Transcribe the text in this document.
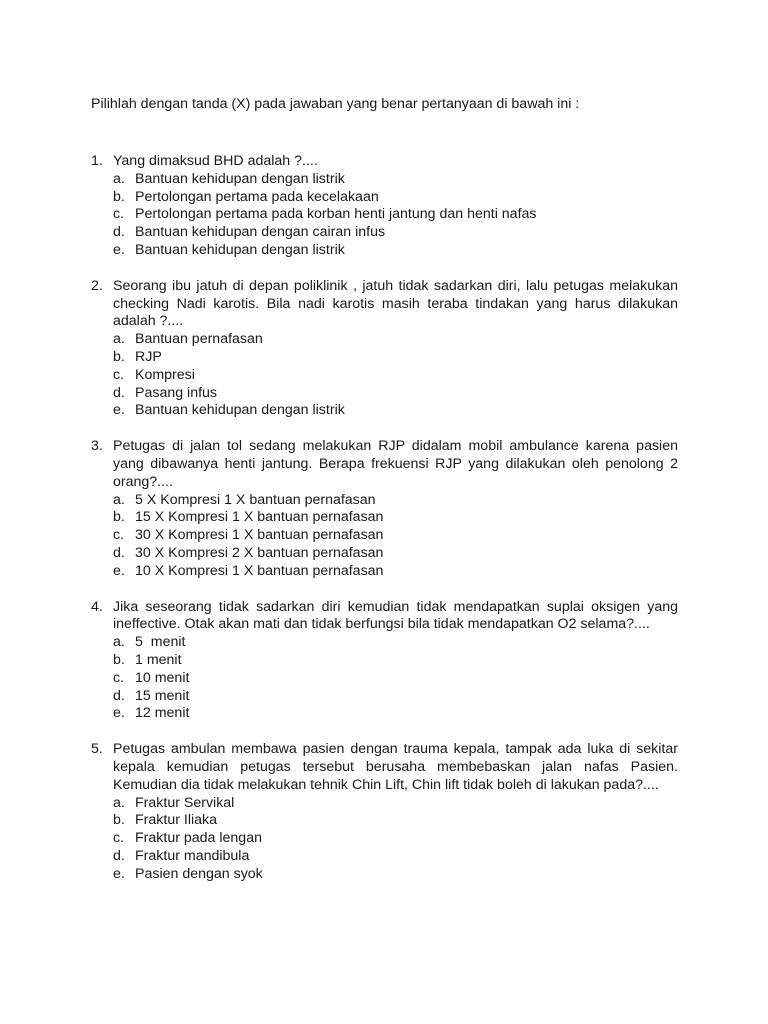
Pilihlah dengan tanda (X) pada jawaban yang benar pertanyaan di bawah ini :
1. Yang dimaksud BHD adalah ?....

a. Bantuan kehidupan dengan listrik
b. Pertolongan pertama pada kecelakaan
c. Pertolongan pertama pada korban henti jantung dan henti nafas
d. Bantuan kehidupan dengan cairan infus
e. Bantuan kehidupan dengan listrik
2. Seorang ibu jatuh di depan poliklinik , jatuh tidak sadarkan diri, lalu petugas melakukan checking Nadi karotis. Bila nadi karotis masih teraba tindakan yang harus dilakukan adalah ?....

a. Bantuan pernafasan
b. RJP
c. Kompresi
d. Pasang infus
e. Bantuan kehidupan dengan listrik
3. Petugas di jalan tol sedang melakukan RJP didalam mobil ambulance karena pasien yang dibawanya henti jantung. Berapa frekuensi RJP yang dilakukan oleh penolong 2 orang?....

a. 5 X Kompresi 1 X bantuan pernafasan
b. 15 X Kompresi 1 X bantuan pernafasan
c. 30 X Kompresi 1 X bantuan pernafasan
d. 30 X Kompresi 2 X bantuan pernafasan
e. 10 X Kompresi 1 X bantuan pernafasan
4. Jika seseorang tidak sadarkan diri kemudian tidak mendapatkan suplai oksigen yang ineffective. Otak akan mati dan tidak berfungsi bila tidak mendapatkan O2 selama?....

a. 5  menit
b. 1 menit
c. 10 menit
d. 15 menit
e. 12 menit
5. Petugas ambulan membawa pasien dengan trauma kepala, tampak ada luka di sekitar kepala kemudian petugas tersebut berusaha membebaskan jalan nafas Pasien. Kemudian dia tidak melakukan tehnik Chin Lift, Chin lift tidak boleh di lakukan pada?....

a. Fraktur Servikal
b. Fraktur Iliaka
c. Fraktur pada lengan
d. Fraktur mandibula
e. Pasien dengan syok
